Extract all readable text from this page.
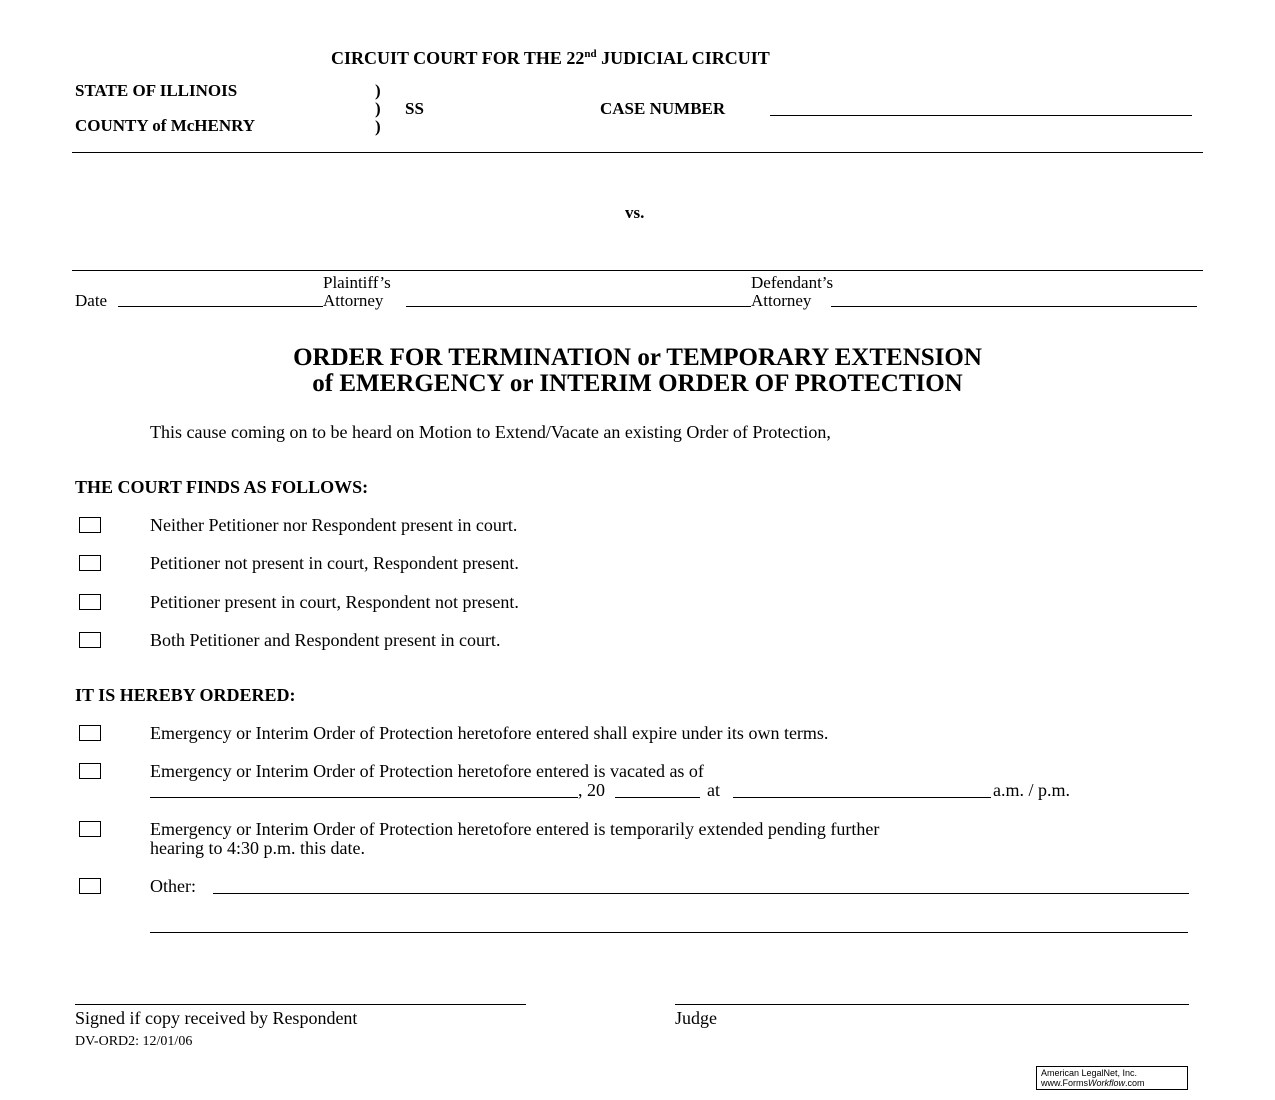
CIRCUIT COURT FOR THE 22nd JUDICIAL CIRCUIT
STATE OF ILLINOIS
COUNTY of McHENRY
)
)
)
SS	CASE NUMBER
vs.
Plaintiff’s	Defendant’s
Date	Attorney	Attorney
ORDER FOR TERMINATION or TEMPORARY EXTENSION
of EMERGENCY or INTERIM ORDER OF PROTECTION
This cause coming on to be heard on Motion to Extend/Vacate an existing Order of Protection,
THE COURT FINDS AS FOLLOWS:
Neither Petitioner nor Respondent present in court.
Petitioner not present in court, Respondent present.
Petitioner present in court, Respondent not present.
Both Petitioner and Respondent present in court.
IT IS HEREBY ORDERED:
Emergency or Interim Order of Protection heretofore entered shall expire under its own terms.
Emergency or Interim Order of Protection heretofore entered is vacated as of
, 20	at	a.m. / p.m.
Emergency or Interim Order of Protection heretofore entered is temporarily extended pending further
hearing to 4:30 p.m. this date.
Other:
Signed if copy received by Respondent	Judge
DV-ORD2: 12/01/06
American LegalNet, Inc.
www.FormsWorkflow.com
